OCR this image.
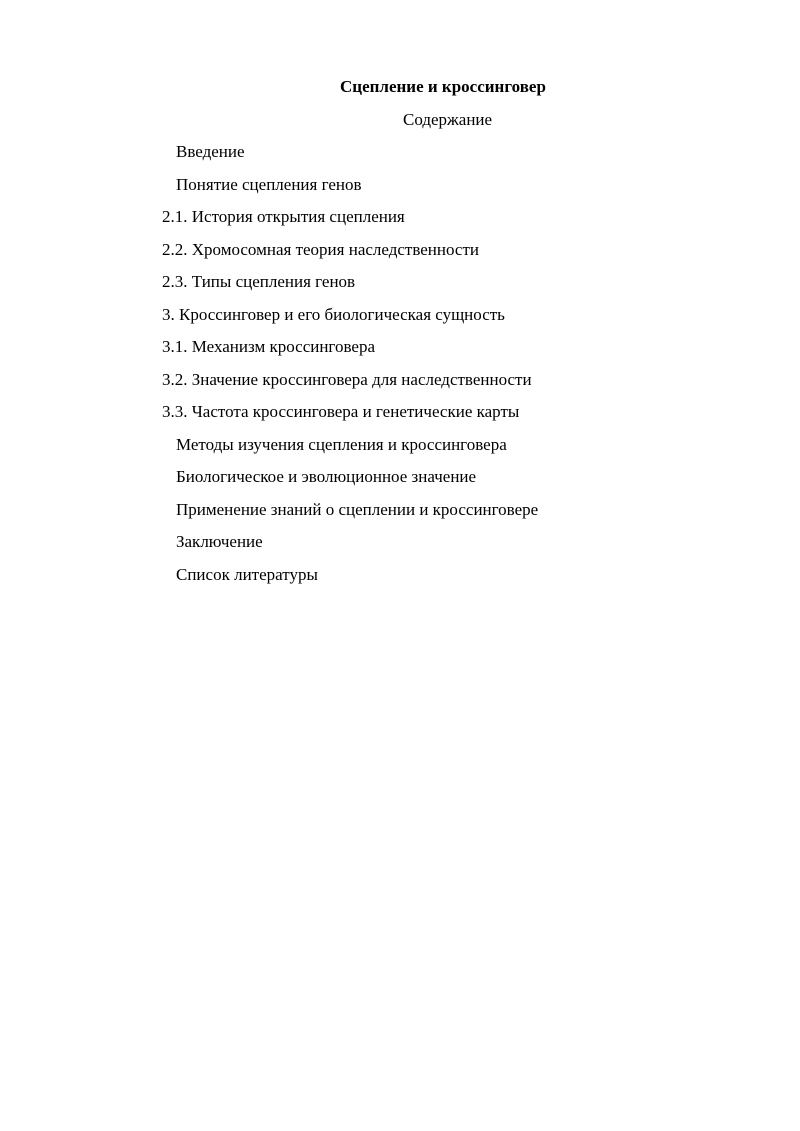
Сцепление и кроссинговер
Содержание
Введение
Понятие сцепления генов
2.1. История открытия сцепления
2.2. Хромосомная теория наследственности
2.3. Типы сцепления генов
3. Кроссинговер и его биологическая сущность
3.1. Механизм кроссинговера
3.2. Значение кроссинговера для наследственности
3.3. Частота кроссинговера и генетические карты
Методы изучения сцепления и кроссинговера
Биологическое и эволюционное значение
Применение знаний о сцеплении и кроссинговере
Заключение
Список литературы
